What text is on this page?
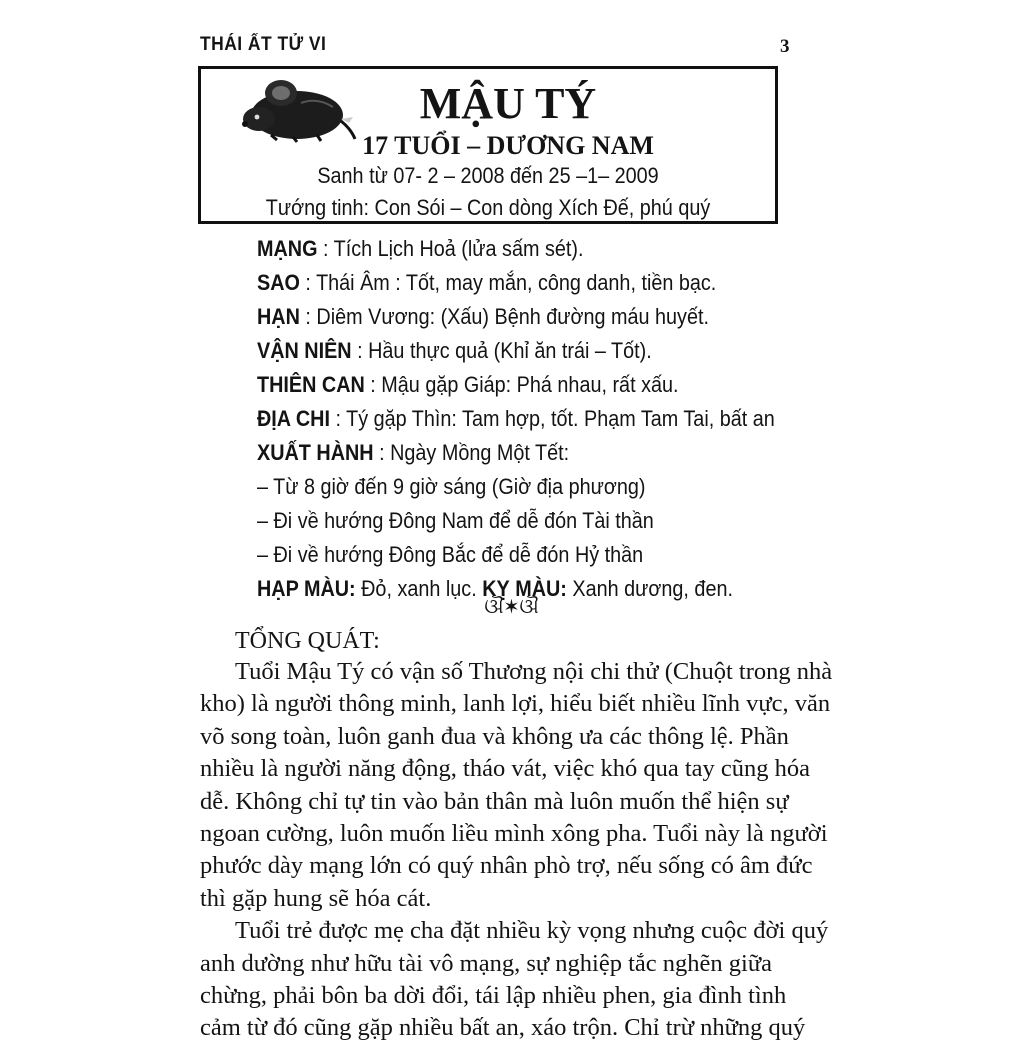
THÁI ẤT TỬ VI	3
MẬU TÝ
17 TUỔI – DƯƠNG NAM
Sanh từ 07- 2 – 2008 đến 25 –1– 2009
Tướng tinh: Con Sói – Con dòng Xích Đế, phú quý
MẠNG : Tích Lịch Hoả (lửa sấm sét).
SAO : Thái Âm : Tốt, may mắn, công danh, tiền bạc.
HẠN : Diêm Vương: (Xấu) Bệnh đường máu huyết.
VẬN NIÊN : Hầu thực quả (Khỉ ăn trái – Tốt).
THIÊN CAN : Mậu gặp Giáp: Phá nhau, rất xấu.
ĐỊA CHI : Tý gặp Thìn: Tam hợp, tốt. Phạm Tam Tai, bất an
XUẤT HÀNH : Ngày Mồng Một Tết:
– Từ 8 giờ đến 9 giờ sáng (Giờ địa phương)
– Đi về hướng Đông Nam để dễ đón Tài thần
– Đi về hướng Đông Bắc để dễ đón Hỷ thần
HẠP MÀU: Đỏ, xanh lục. KỴ MÀU: Xanh dương, đen.
ଔ✶ଔ
TỔNG QUÁT:
Tuổi Mậu Tý có vận số Thương nội chi thử (Chuột trong nhà
kho) là người thông minh, lanh lợi, hiểu biết nhiều lĩnh vực, văn
võ song toàn, luôn ganh đua và không ưa các thông lệ. Phần
nhiều là người năng động, tháo vát, việc khó qua tay cũng hóa
dễ. Không chỉ tự tin vào bản thân mà luôn muốn thể hiện sự
ngoan cường, luôn muốn liều mình xông pha. Tuổi này là người
phước dày mạng lớn có quý nhân phò trợ, nếu sống có âm đức
thì gặp hung sẽ hóa cát.
Tuổi trẻ được mẹ cha đặt nhiều kỳ vọng nhưng cuộc đời quý
anh dường như hữu tài vô mạng, sự nghiệp tắc nghẽn giữa
chừng, phải bôn ba dời đổi, tái lập nhiều phen, gia đình tình
cảm từ đó cũng gặp nhiều bất an, xáo trộn. Chỉ trừ những quý
